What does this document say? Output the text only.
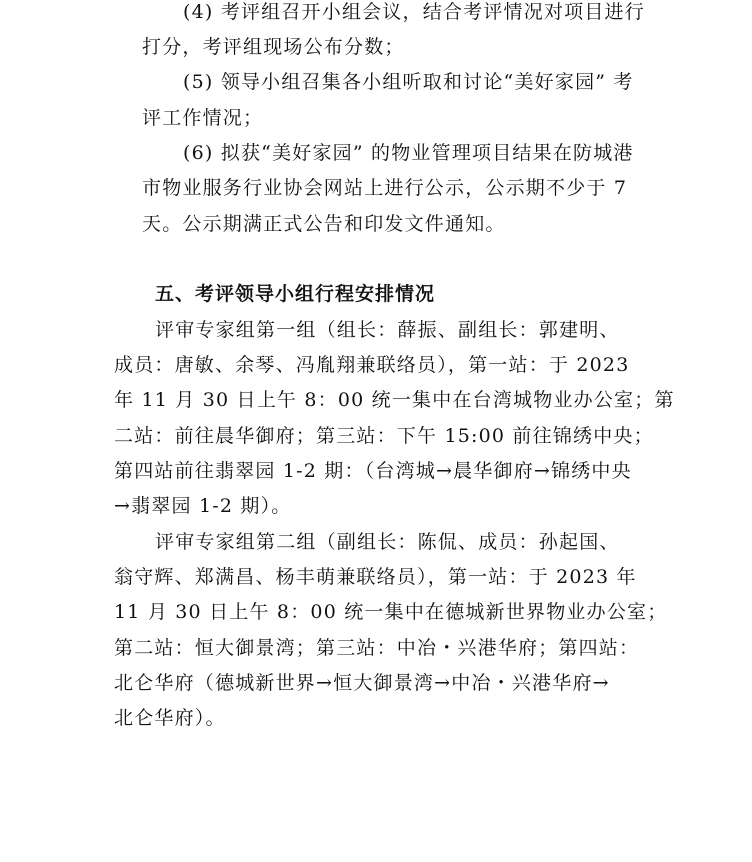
(4) 考评组召开小组会议，结合考评情况对项目进行
打分，考评组现场公布分数；
(5) 领导小组召集各小组听取和讨论“美好家园” 考
评工作情况；
(6) 拟获“美好家园” 的物业管理项目结果在防城港
市物业服务行业协会网站上进行公示，公示期不少于 7
天。公示期满正式公告和印发文件通知。
五、考评领导小组行程安排情况
评审专家组第一组（组长：薛振、副组长：郭建明、
成员：唐敏、余琴、冯胤翔兼联络员），第一站：于 2023
年 11 月 30 日上午 8：00 统一集中在台湾城物业办公室；第
二站：前往晨华御府；第三站：下午 15:00 前往锦绣中央；
第四站前往翡翠园 1-2 期：（台湾城→晨华御府→锦绣中央
→翡翠园 1-2 期）。
评审专家组第二组（副组长：陈侃、成员：孙起国、
翁守辉、郑满昌、杨丰萌兼联络员），第一站：于 2023 年
11 月 30 日上午 8：00 统一集中在德城新世界物业办公室；
第二站：恒大御景湾；第三站：中冶・兴港华府；第四站：
北仑华府（德城新世界→恒大御景湾→中冶・兴港华府→
北仑华府）。
